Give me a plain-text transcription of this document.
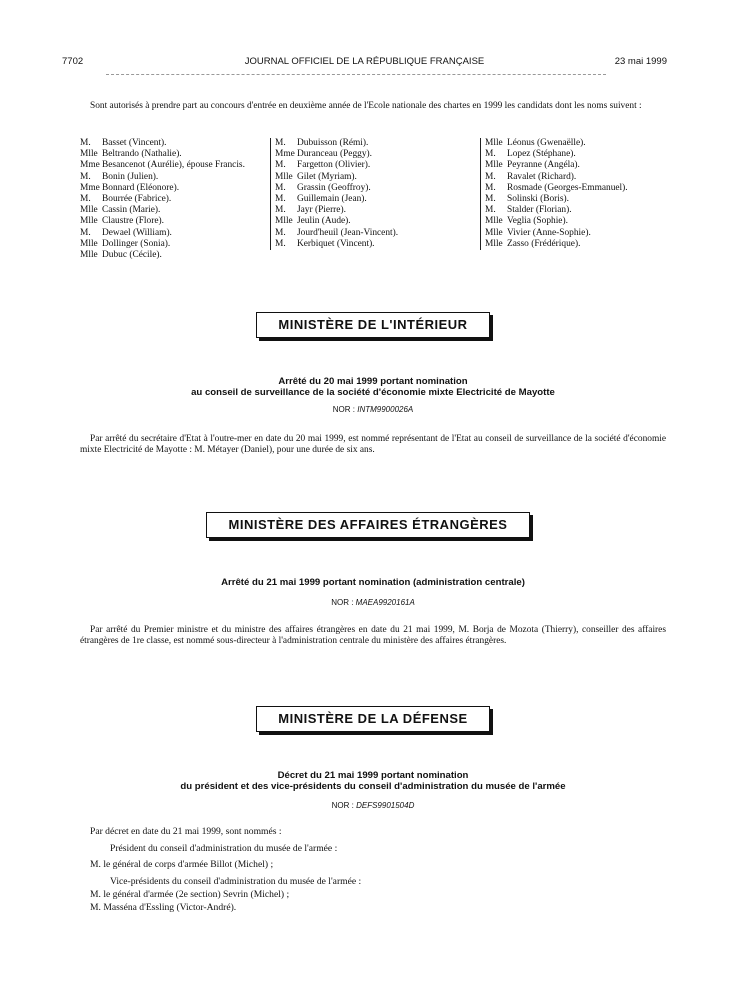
7702	JOURNAL OFFICIEL DE LA RÉPUBLIQUE FRANÇAISE	23 mai 1999
Sont autorisés à prendre part au concours d'entrée en deuxième année de l'Ecole nationale des chartes en 1999 les candidats dont les noms suivent :
M. Basset (Vincent).
Mlle Beltrando (Nathalie).
Mme Besancenot (Aurélie), épouse Francis.
M. Bonin (Julien).
Mme Bonnard (Eléonore).
M. Bourrée (Fabrice).
Mlle Cassin (Marie).
Mlle Claustre (Flore).
M. Dewael (William).
Mlle Dollinger (Sonia).
Mlle Dubuc (Cécile).
M. Dubuisson (Rémi).
Mme Duranceau (Peggy).
M. Fargetton (Olivier).
Mlle Gilet (Myriam).
M. Grassin (Geoffroy).
M. Guillemain (Jean).
M. Jayr (Pierre).
Mlle Jeulin (Aude).
M. Jourd'heuil (Jean-Vincent).
M. Kerbiquet (Vincent).
Mlle Léonus (Gwenaëlle).
M. Lopez (Stéphane).
Mlle Peyranne (Angéla).
M. Ravalet (Richard).
M. Rosmade (Georges-Emmanuel).
M. Solinski (Boris).
M. Stalder (Florian).
Mlle Veglia (Sophie).
Mlle Vivier (Anne-Sophie).
Mlle Zasso (Frédérique).
MINISTÈRE DE L'INTÉRIEUR
Arrêté du 20 mai 1999 portant nomination
au conseil de surveillance de la société d'économie mixte Electricité de Mayotte
NOR : INTM9900026A
Par arrêté du secrétaire d'Etat à l'outre-mer en date du 20 mai 1999, est nommé représentant de l'Etat au conseil de surveillance de la société d'économie mixte Electricité de Mayotte : M. Métayer (Daniel), pour une durée de six ans.
MINISTÈRE DES AFFAIRES ÉTRANGÈRES
Arrêté du 21 mai 1999 portant nomination (administration centrale)
NOR : MAEA9920161A
Par arrêté du Premier ministre et du ministre des affaires étrangères en date du 21 mai 1999, M. Borja de Mozota (Thierry), conseiller des affaires étrangères de 1re classe, est nommé sous-directeur à l'administration centrale du ministère des affaires étrangères.
MINISTÈRE DE LA DÉFENSE
Décret du 21 mai 1999 portant nomination
du président et des vice-présidents du conseil d'administration du musée de l'armée
NOR : DEFS9901504D
Par décret en date du 21 mai 1999, sont nommés :
Président du conseil d'administration du musée de l'armée :
M. le général de corps d'armée Billot (Michel) ;
Vice-présidents du conseil d'administration du musée de l'armée :
M. le général d'armée (2e section) Sevrin (Michel) ;
M. Masséna d'Essling (Victor-André).
